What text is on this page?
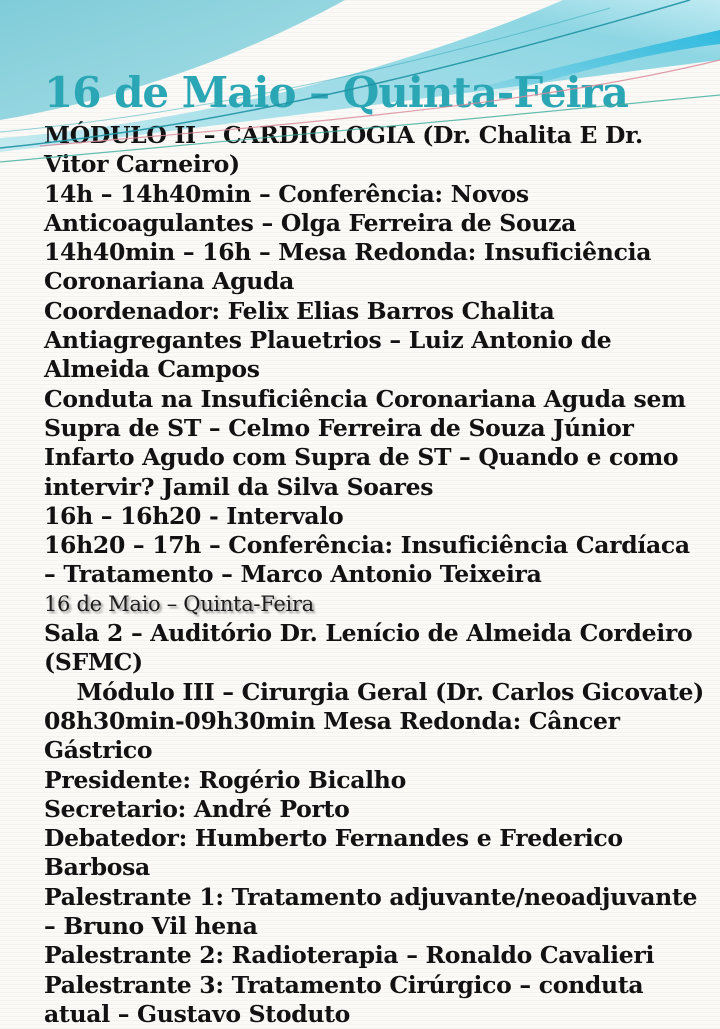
16 de Maio – Quinta-Feira

MÓDULO II – CARDIOLOGIA (Dr. Chalita E Dr. Vitor Carneiro)

14h – 14h40min – Conferência: Novos Anticoagulantes – Olga Ferreira de Souza

14h40min – 16h – Mesa Redonda: Insuficiência Coronariana Aguda

Coordenador: Felix Elias Barros Chalita

Antiagregantes Plauetrios – Luiz Antonio de Almeida Campos

Conduta na Insuficiência Coronariana Aguda sem Supra de ST – Celmo Ferreira de Souza Júnior

Infarto Agudo com Supra de ST – Quando e como intervir? Jamil da Silva Soares

16h – 16h20 - Intervalo

16h20 – 17h – Conferência: Insuficiência Cardíaca – Tratamento – Marco Antonio Teixeira

16 de Maio – Quinta-Feira

Sala 2 – Auditório Dr. Lenício de Almeida Cordeiro (SFMC)

Módulo III – Cirurgia Geral (Dr. Carlos Gicovate)

08h30min-09h30min Mesa Redonda: Câncer Gástrico

Presidente: Rogério Bicalho

Secretario: André Porto

Debatedor: Humberto Fernandes e Frederico Barbosa

Palestrante 1: Tratamento adjuvante/neoadjuvante – Bruno Vil hena

Palestrante 2: Radioterapia – Ronaldo Cavalieri

Palestrante 3: Tratamento Cirúrgico – conduta atual – Gustavo Stoduto
